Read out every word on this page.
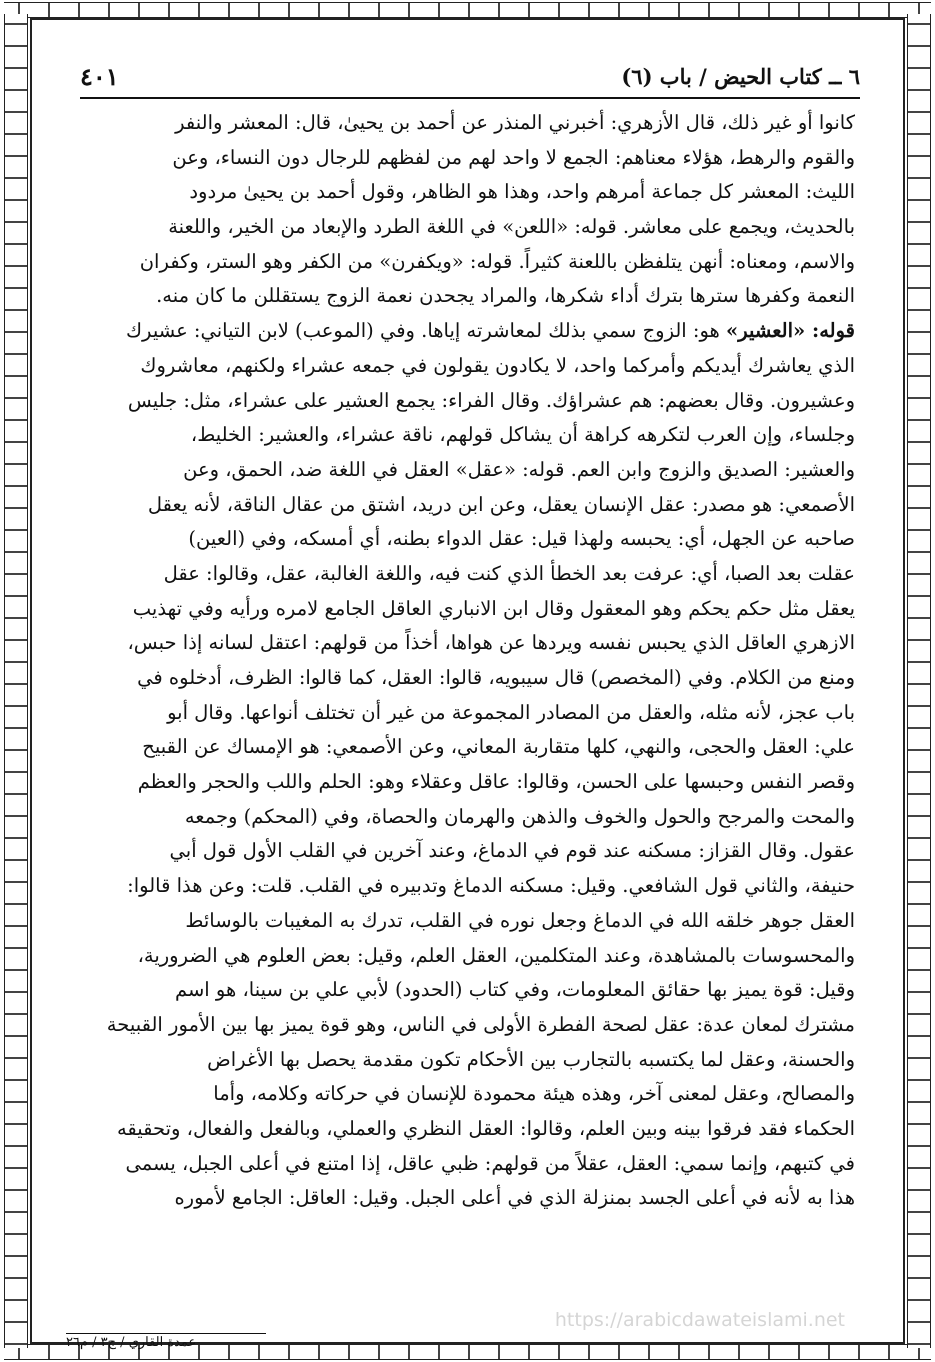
٦ ــ كتاب الحيض / باب (٦)
٤٠١
كانوا أو غير ذلك، قال الأزهري: أخبرني المنذر عن أحمد بن يحيىٰ، قال: المعشر والنفر
والقوم والرهط، هؤلاء معناهم: الجمع لا واحد لهم من لفظهم للرجال دون النساء، وعن
الليث: المعشر كل جماعة أمرهم واحد، وهذا هو الظاهر، وقول أحمد بن يحيىٰ مردود
بالحديث، ويجمع على معاشر. قوله: «اللعن» في اللغة الطرد والإبعاد من الخير، واللعنة
والاسم، ومعناه: أنهن يتلفظن باللعنة كثيراً. قوله: «ويكفرن» من الكفر وهو الستر، وكفران
النعمة وكفرها سترها بترك أداء شكرها، والمراد يجحدن نعمة الزوج يستقللن ما كان منه.
قوله: «العشير» هو: الزوج سمي بذلك لمعاشرته إياها. وفي (الموعب) لابن التياني: عشيرك
الذي يعاشرك أيديكم وأمركما واحد، لا يكادون يقولون في جمعه عشراء ولكنهم، معاشروك
وعشيرون. وقال بعضهم: هم عشراؤك. وقال الفراء: يجمع العشير على عشراء، مثل: جليس
وجلساء، وإن العرب لتكرهه كراهة أن يشاكل قولهم، ناقة عشراء، والعشير: الخليط،
والعشير: الصديق والزوج وابن العم. قوله: «عقل» العقل في اللغة ضد، الحمق، وعن
الأصمعي: هو مصدر: عقل الإنسان يعقل، وعن ابن دريد، اشتق من عقال الناقة، لأنه يعقل
صاحبه عن الجهل، أي: يحبسه ولهذا قيل: عقل الدواء بطنه، أي أمسكه، وفي (العين)
عقلت بعد الصبا، أي: عرفت بعد الخطأ الذي كنت فيه، واللغة الغالبة، عقل، وقالوا: عقل
يعقل مثل حكم يحكم وهو المعقول وقال ابن الانباري العاقل الجامع لامره ورأيه وفي تهذيب
الازهري العاقل الذي يحبس نفسه ويردها عن هواها، أخذاً من قولهم: اعتقل لسانه إذا حبس،
ومنع من الكلام. وفي (المخصص) قال سيبويه، قالوا: العقل، كما قالوا: الظرف، أدخلوه في
باب عجز، لأنه مثله، والعقل من المصادر المجموعة من غير أن تختلف أنواعها. وقال أبو
علي: العقل والحجى، والنهي، كلها متقاربة المعاني، وعن الأصمعي: هو الإمساك عن القبيح
وقصر النفس وحبسها على الحسن، وقالوا: عاقل وعقلاء وهو: الحلم واللب والحجر والعظم
والمحت والمرجح والحول والخوف والذهن والهرمان والحصاة، وفي (المحكم) وجمعه
عقول. وقال القزاز: مسكنه عند قوم في الدماغ، وعند آخرين في القلب الأول قول أبي
حنيفة، والثاني قول الشافعي. وقيل: مسكنه الدماغ وتدبيره في القلب. قلت: وعن هذا قالوا:
العقل جوهر خلقه الله في الدماغ وجعل نوره في القلب، تدرك به المغيبات بالوسائط
والمحسوسات بالمشاهدة، وعند المتكلمين، العقل العلم، وقيل: بعض العلوم هي الضرورية،
وقيل: قوة يميز بها حقائق المعلومات، وفي كتاب (الحدود) لأبي علي بن سينا، هو اسم
مشترك لمعان عدة: عقل لصحة الفطرة الأولى في الناس، وهو قوة يميز بها بين الأمور القبيحة
والحسنة، وعقل لما يكتسبه بالتجارب بين الأحكام تكون مقدمة يحصل بها الأغراض
والمصالح، وعقل لمعنى آخر، وهذه هيئة محمودة للإنسان في حركاته وكلامه، وأما
الحكماء فقد فرقوا بينه وبين العلم، وقالوا: العقل النظري والعملي، وبالفعل والفعال، وتحقيقه
في كتبهم، وإنما سمي: العقل، عقلاً من قولهم: ظبي عاقل، إذا امتنع في أعلى الجبل، يسمى
هذا به لأنه في أعلى الجسد بمنزلة الذي في أعلى الجبل. وقيل: العاقل: الجامع لأموره
عمدة القاري / ج٣ / م٢٦
https://arabicdawateislami.net
